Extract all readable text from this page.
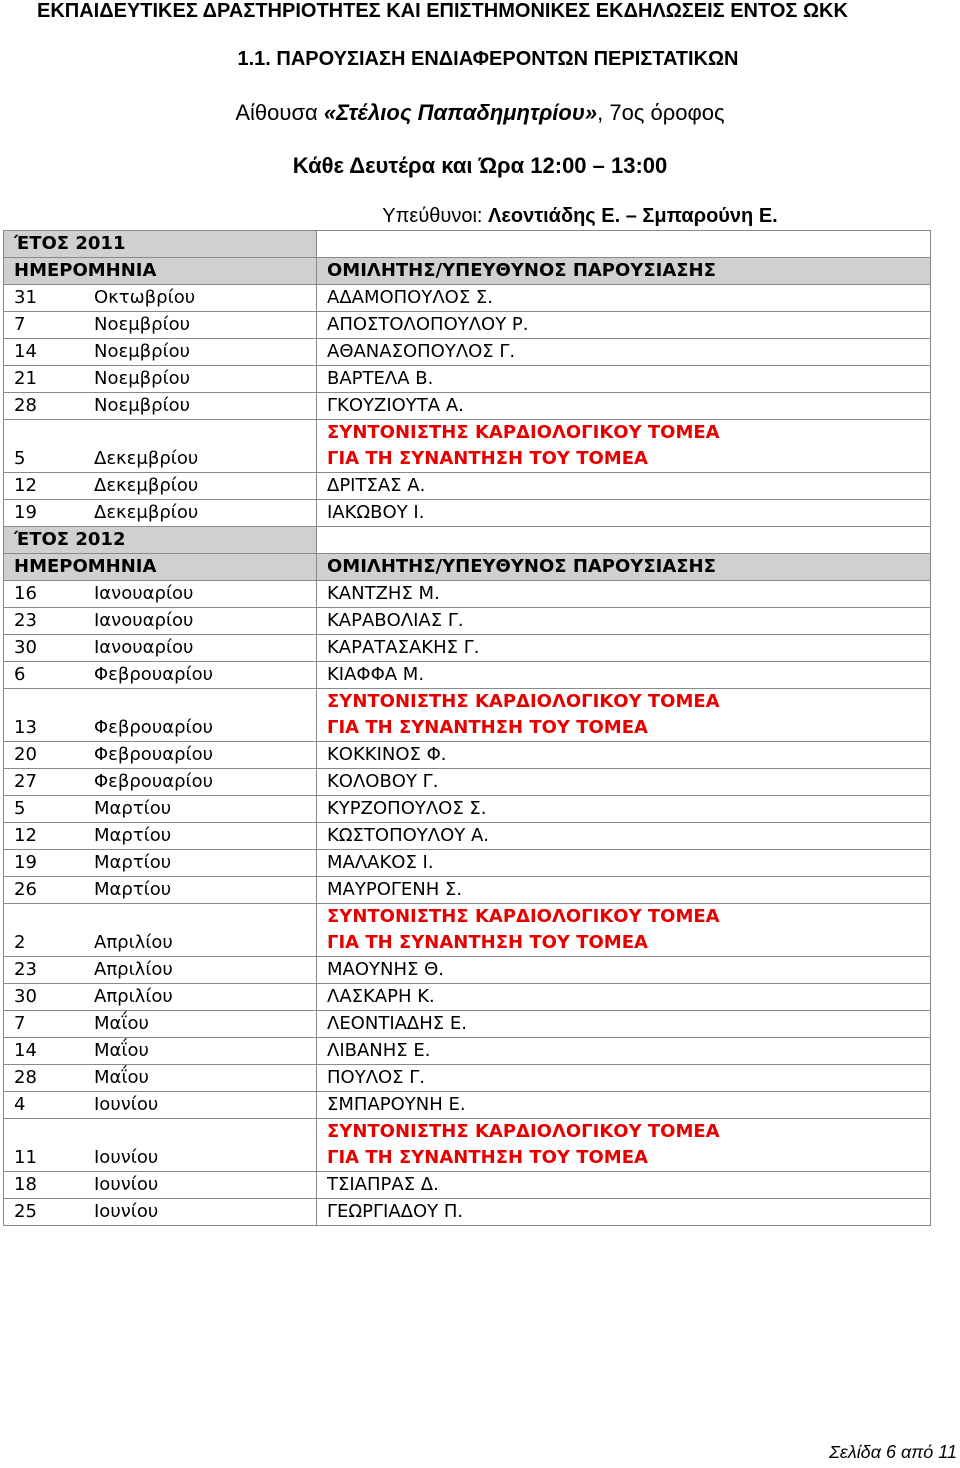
ΕΚΠΑΙΔΕΥΤΙΚΕΣ ΔΡΑΣΤΗΡΙΟΤΗΤΕΣ ΚΑΙ ΕΠΙΣΤΗΜΟΝΙΚΕΣ ΕΚΔΗΛΩΣΕΙΣ ΕΝΤΟΣ ΩΚΚ
1.1. ΠΑΡΟΥΣΙΑΣΗ ΕΝΔΙΑΦΕΡΟΝΤΩΝ ΠΕΡΙΣΤΑΤΙΚΩΝ
Αίθουσα «Στέλιος Παπαδημητρίου», 7ος όροφος
Κάθε Δευτέρα και Ώρα 12:00 – 13:00
Υπεύθυνοι: Λεοντιάδης Ε. – Σμπαρούνη Ε.
ΈΤΟΣ 2011		
ΗΜΕΡΟΜΗΝΙΑ		ΟΜΙΛΗΤΗΣ/ΥΠΕΥΘΥΝΟΣ ΠΑΡΟΥΣΙΑΣΗΣ
31	Οκτωβρίου	ΑΔΑΜΟΠΟΥΛΟΣ Σ.
7	Νοεμβρίου	ΑΠΟΣΤΟΛΟΠΟΥΛΟΥ Ρ.
14	Νοεμβρίου	ΑΘΑΝΑΣΟΠΟΥΛΟΣ Γ.
21	Νοεμβρίου	ΒΑΡΤΕΛΑ Β.
28	Νοεμβρίου	ΓΚΟΥΖΙΟΥΤΑ Α.
5	Δεκεμβρίου	ΣΥΝΤΟΝΙΣΤΗΣ ΚΑΡΔΙΟΛΟΓΙΚΟΥ ΤΟΜΕΑ
ΓΙΑ ΤΗ ΣΥΝΑΝΤΗΣΗ ΤΟΥ ΤΟΜΕΑ

12	Δεκεμβρίου	ΔΡΙΤΣΑΣ Α.
19	Δεκεμβρίου	ΙΑΚΩΒΟΥ Ι.
ΈΤΟΣ 2012		
ΗΜΕΡΟΜΗΝΙΑ		ΟΜΙΛΗΤΗΣ/ΥΠΕΥΘΥΝΟΣ ΠΑΡΟΥΣΙΑΣΗΣ
16	Ιανουαρίου	ΚΑΝΤΖΗΣ Μ.
23	Ιανουαρίου	ΚΑΡΑΒΟΛΙΑΣ Γ.
30	Ιανουαρίου	ΚΑΡΑΤΑΣΑΚΗΣ Γ.
6	Φεβρουαρίου	ΚΙΑΦΦΑ Μ.
13	Φεβρουαρίου	ΣΥΝΤΟΝΙΣΤΗΣ ΚΑΡΔΙΟΛΟΓΙΚΟΥ ΤΟΜΕΑ
ΓΙΑ ΤΗ ΣΥΝΑΝΤΗΣΗ ΤΟΥ ΤΟΜΕΑ

20	Φεβρουαρίου	ΚΟΚΚΙΝΟΣ Φ.
27	Φεβρουαρίου	ΚΟΛΟΒΟΥ Γ.
5	Μαρτίου	ΚΥΡΖΟΠΟΥΛΟΣ Σ.
12	Μαρτίου	ΚΩΣΤΟΠΟΥΛΟΥ Α.
19	Μαρτίου	ΜΑΛΑΚΟΣ Ι.
26	Μαρτίου	ΜΑΥΡΟΓΕΝΗ Σ.
2	Απριλίου	ΣΥΝΤΟΝΙΣΤΗΣ ΚΑΡΔΙΟΛΟΓΙΚΟΥ ΤΟΜΕΑ
ΓΙΑ ΤΗ ΣΥΝΑΝΤΗΣΗ ΤΟΥ ΤΟΜΕΑ

23	Απριλίου	ΜΑΟΥΝΗΣ Θ.
30	Απριλίου	ΛΑΣΚΑΡΗ Κ.
7	Μαΐου	ΛΕΟΝΤΙΑΔΗΣ Ε.
14	Μαΐου	ΛΙΒΑΝΗΣ Ε.
28	Μαΐου	ΠΟΥΛΟΣ Γ.
4	Ιουνίου	ΣΜΠΑΡΟΥΝΗ Ε.
11	Ιουνίου	ΣΥΝΤΟΝΙΣΤΗΣ ΚΑΡΔΙΟΛΟΓΙΚΟΥ ΤΟΜΕΑ
ΓΙΑ ΤΗ ΣΥΝΑΝΤΗΣΗ ΤΟΥ ΤΟΜΕΑ

18	Ιουνίου	ΤΣΙΑΠΡΑΣ Δ.
25	Ιουνίου	ΓΕΩΡΓΙΑΔΟΥ Π.
Σελίδα 6 από 11
